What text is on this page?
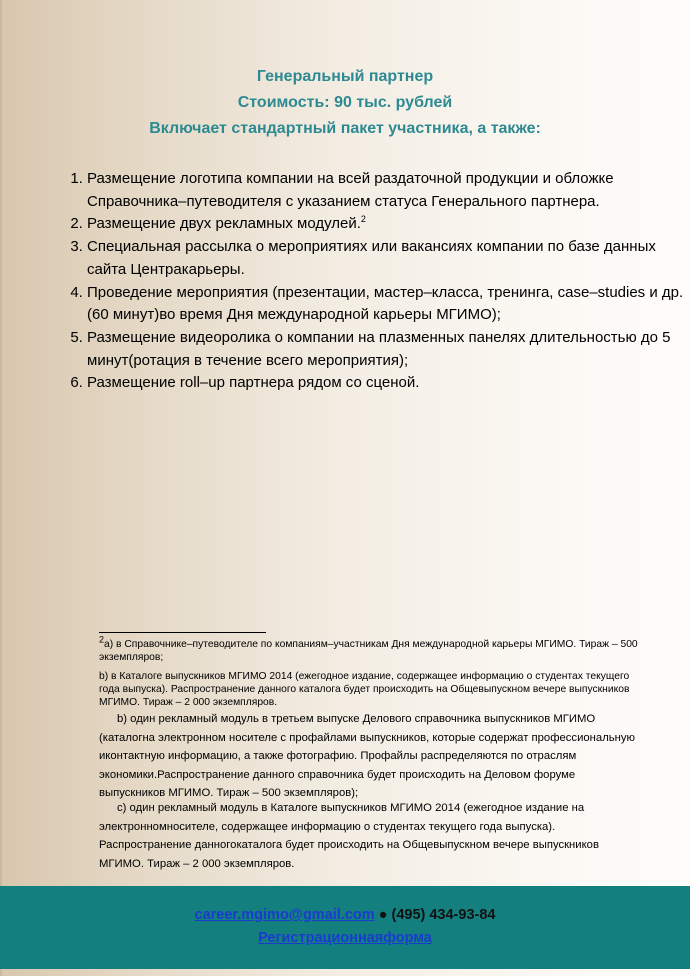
Генеральный партнер
Стоимость: 90 тыс. рублей
Включает стандартный пакет участника, а также:
1. Размещение логотипа компании на всей раздаточной продукции и обложке Справочника–путеводителя с указанием статуса Генерального партнера.
2. Размещение двух рекламных модулей.$^2$
3. Специальная рассылка о мероприятиях или вакансиях компании по базе данных сайта Центракарьеры.
4. Проведение мероприятия (презентации, мастер–класса, тренинга, case–studies и др. (60 минут)во время Дня международной карьеры МГИМО);
5. Размещение видеоролика о компании на плазменных панелях длительностью до 5 минут(ротация в течение всего мероприятия);
6. Размещение roll–up партнера рядом со сценой.
$^2$a) в Справочнике–путеводителе по компаниям–участникам Дня международной карьеры МГИМО. Тираж – 500 экземпляров;
b) в Каталоге выпускников МГИМО 2014 (ежегодное издание, содержащее информацию о студентах текущего года выпуска). Распространение данного каталога будет происходить на Общевыпускном вечере выпускников МГИМО. Тираж – 2 000 экземпляров.
b) один рекламный модуль в третьем выпуске Делового справочника выпускников МГИМО (каталогна электронном носителе с профайлами выпускников, которые содержат профессиональную иконтактную информацию, а также фотографию. Профайлы распределяются по отраслям экономики.Распространение данного справочника будет происходить на Деловом форуме выпускников МГИМО. Тираж – 500 экземпляров);
c) один рекламный модуль в Каталоге выпускников МГИМО 2014 (ежегодное издание на электронномносителе, содержащее информацию о студентах текущего года выпуска). Распространение данногокаталога будет происходить на Общевыпускном вечере выпускников МГИМО. Тираж – 2 000 экземпляров.
career.mgimo@gmail.com ● (495) 434-93-84
Регистрационнаяформа
